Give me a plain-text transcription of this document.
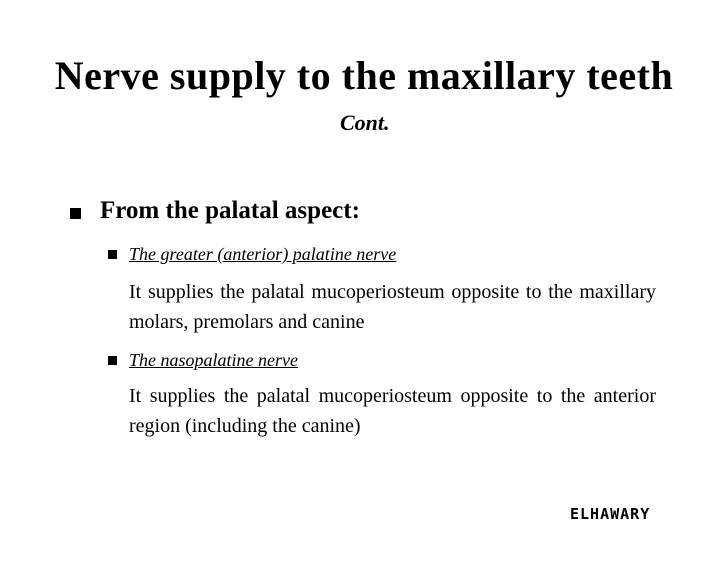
Nerve supply to the maxillary teeth
Cont.
From the palatal aspect:
The greater (anterior) palatine nerve
It supplies the palatal mucoperiosteum opposite to the maxillary molars, premolars and canine
The nasopalatine nerve
It supplies the palatal mucoperiosteum opposite to the anterior region (including the canine)
ELHAWARY
